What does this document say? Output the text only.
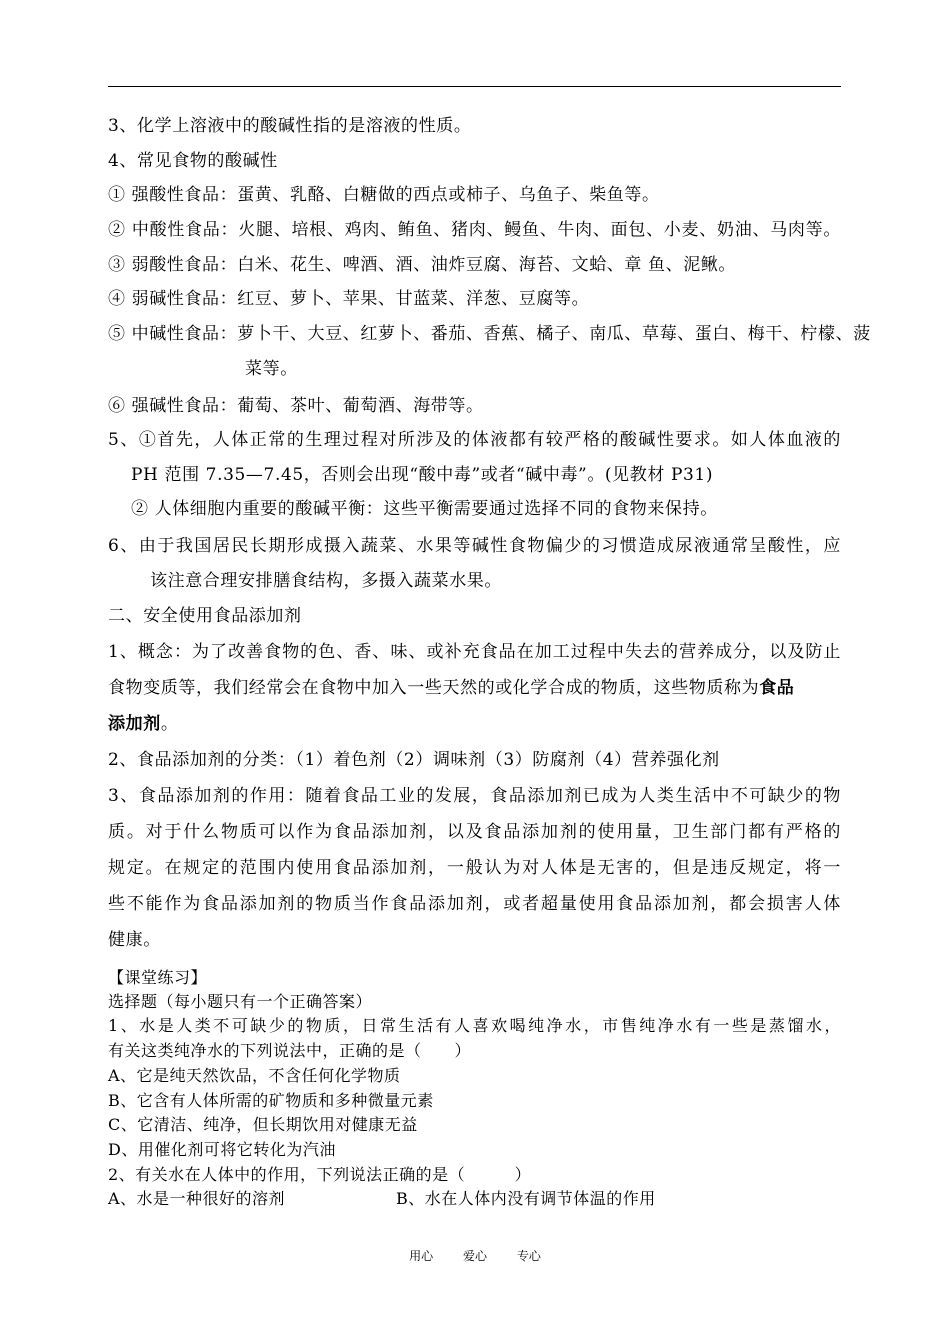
3、化学上溶液中的酸碱性指的是溶液的性质。
4、常见食物的酸碱性
① 强酸性食品：蛋黄、乳酪、白糖做的西点或柿子、乌鱼子、柴鱼等。
② 中酸性食品：火腿、培根、鸡肉、鲔鱼、猪肉、鳗鱼、牛肉、面包、小麦、奶油、马肉等。
③ 弱酸性食品：白米、花生、啤酒、酒、油炸豆腐、海苔、文蛤、章 鱼、泥鳅。
④ 弱碱性食品：红豆、萝卜、苹果、甘蓝菜、洋葱、豆腐等。
⑤ 中碱性食品：萝卜干、大豆、红萝卜、番茄、香蕉、橘子、南瓜、草莓、蛋白、梅干、柠檬、菠
菜等。
⑥ 强碱性食品：葡萄、茶叶、葡萄酒、海带等。
5、①首先，人体正常的生理过程对所涉及的体液都有较严格的酸碱性要求。如人体血液的
PH 范围 7.35—7.45，否则会出现“酸中毒”或者“碱中毒”。(见教材 P31)
② 人体细胞内重要的酸碱平衡：这些平衡需要通过选择不同的食物来保持。
6、由于我国居民长期形成摄入蔬菜、水果等碱性食物偏少的习惯造成尿液通常呈酸性，应
该注意合理安排膳食结构，多摄入蔬菜水果。
二、安全使用食品添加剂
1、概念：为了改善食物的色、香、味、或补充食品在加工过程中失去的营养成分，以及防止
食物变质等，我们经常会在食物中加入一些天然的或化学合成的物质，这些物质称为食品
添加剂。
2、食品添加剂的分类：（1）着色剂（2）调味剂（3）防腐剂（4）营养强化剂
3、食品添加剂的作用：随着食品工业的发展，食品添加剂已成为人类生活中不可缺少的物
质。对于什么物质可以作为食品添加剂，以及食品添加剂的使用量，卫生部门都有严格的
规定。在规定的范围内使用食品添加剂，一般认为对人体是无害的，但是违反规定，将一
些不能作为食品添加剂的物质当作食品添加剂，或者超量使用食品添加剂，都会损害人体
健康。
【课堂练习】
选择题（每小题只有一个正确答案）
1、水是人类不可缺少的物质，日常生活有人喜欢喝纯净水，市售纯净水有一些是蒸馏水，
有关这类纯净水的下列说法中，正确的是（　　）
A、它是纯天然饮品，不含任何化学物质
B、它含有人体所需的矿物质和多种微量元素
C、它清洁、纯净，但长期饮用对健康无益
D、用催化剂可将它转化为汽油
2、有关水在人体中的作用，下列说法正确的是（　　　）
A、水是一种很好的溶剂	B、水在人体内没有调节体温的作用
用心 爱心 专心
